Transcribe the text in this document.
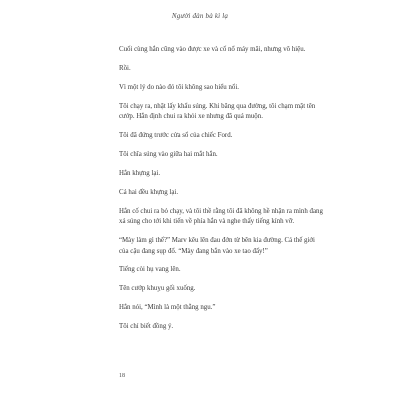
Người đàn bà kì lạ

Cuối cùng hắn cũng vào được xe và cố nổ máy mãi, nhưng vô hiệu.

Rồi.

Vì một lý do nào đó tôi không sao hiểu nổi.

Tôi chạy ra, nhặt lấy khẩu súng. Khi băng qua đường, tôi chạm mặt tên cướp. Hắn định chui ra khỏi xe nhưng đã quá muộn.

Tôi đã đứng trước cửa sổ của chiếc Ford.

Tôi chĩa súng vào giữa hai mắt hắn.

Hắn khựng lại.

Cả hai đều khựng lại.

Hắn cố chui ra bỏ chạy, và tôi thề rằng tôi đã không hề nhận ra mình đang xả súng cho tới khi tiến về phía hắn và nghe thấy tiếng kính vỡ.

“Mày làm gì thế?” Marv kêu lên đau đớn từ bên kia đường. Cả thế giới của cậu đang sụp đổ. “Mày đang bắn vào xe tao đấy!”

Tiếng còi hụ vang lên.

Tên cướp khuỵu gối xuống.

Hắn nói, “Mình là một thằng ngu.”

Tôi chỉ biết đồng ý.

18
